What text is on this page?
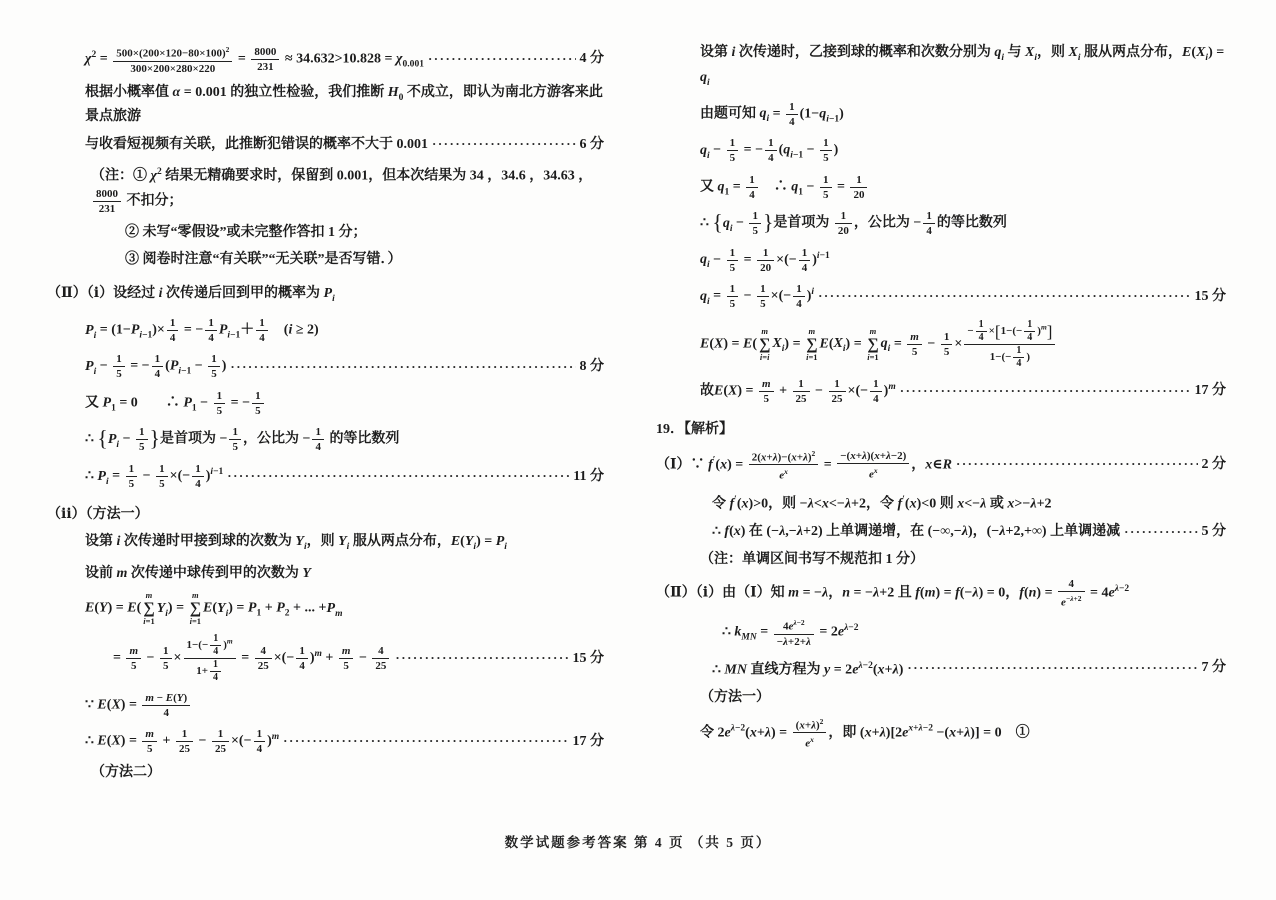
$\chi^2 = \frac{500\times(200\times 120-80\times 100)^2}{300\times 200\times 280\times 220} = \frac{8000}{231} \approx 34.632>10.828 = \chi_{0.001}$ ·····	4 分
根据小概率值 α = 0.001 的独立性检验，我们推断 $H_0$ 不成立，即认为南北方游客来此景点旅游
与收看短视频有关联，此推断犯错误的概率不大于 0.001 ·····	6 分
（注：① $\chi^2$ 结果无精确要求时，保留到 0.001，但本次结果为 34 ，34.6 ，34.63 ，
$\frac{8000}{231}$ 不扣分；
② 未写“零假设”或未完整作答扣 1 分；
③ 阅卷时注意“有关联”“无关联”是否写错．）
（Ⅱ）（ⅰ）设经过 i 次传递后回到甲的概率为 $P_i$
$P_i = (1-P_{i-1})\times \frac{1}{4}$ = − $\frac{1}{4} P_{i-1}+ \frac{1}{4}$ 　(i ≥ 2)
$P_i - \frac{1}{5}$ = − $\frac{1}{4} (P_{i-1} - \frac{1}{5}$ ) ·····	8 分
又 $P_1 = 0$　　∴ $P_1 - \frac{1}{5}$ = − $\frac{1}{5}$
∴ {$P_i - \frac{1}{5}$ }是首项为 − $\frac{1}{5}$ ，公比为 − $\frac{1}{4}$ 的等比数列
∴ $P_i = \frac{1}{5} - \frac{1}{5}$ ×(− $\frac{1}{4} )^{i-1}$ ·····	11 分
（ⅱ）（方法一）
设第 i 次传递时甲接到球的次数为 $Y_i$，则 $Y_i$ 服从两点分布，$E(Y_i) = P_i$
设前 m 次传递中球传到甲的次数为 Y
E(Y) = E(
m
∑
i=1
$Y_i$) =
m
∑
i=1
$E(Y_i) = P_1 + P_2$ + ... $+P_m$
= $\frac{m}{5} - \frac{1}{5} \times \frac{1-(- \frac{1}{4} )^m}{1+ \frac{1}{4}} = \frac{4}{25}$ ×(− $\frac{1}{4} )^m + \frac{m}{5} - \frac{4}{25}$ ·····	15 分
∵ $E(X) = \frac{m - E(Y)}{4}$
∴ $E(X) = \frac{m}{5} + \frac{1}{25} - \frac{1}{25}$ ×(− $\frac{1}{4} )^m$ ·····	17 分
（方法二）
设第 i 次传递时，乙接到球的概率和次数分别为 $q_i$ 与 $X_i$，则 $X_i$ 服从两点分布，$E(X_i) = q_i$
由题可知 $q_i = \frac{1}{4} (1-q_{i-1})$
$q_i - \frac{1}{5}$ = − $\frac{1}{4} (q_{i-1} - \frac{1}{5}$ )
又 $q_1 = \frac{1}{4}$ 　∴ $q_1 - \frac{1}{5} = \frac{1}{20}$
∴ {$q_i - \frac{1}{5}$ }是首项为 $\frac{1}{20}$ ，公比为 − $\frac{1}{4}$ 的等比数列
$q_i - \frac{1}{5} = \frac{1}{20}$ ×(− $\frac{1}{4} )^{i-1}$
$q_i = \frac{1}{5} - \frac{1}{5}$ ×(− $\frac{1}{4} )^i$ ·····	15 分
E(X) = E(
m
∑
i=i
$X_i$) =
m
∑
i=1
$E(X_i)$ =
m
∑
i=1
$q_i = \frac{m}{5} - \frac{1}{5} \times \frac{- \frac{1}{4} \times[1-(- \frac{1}{4} )^m]}{1-(- \frac{1}{4} )}$
故$E(X) = \frac{m}{5} + \frac{1}{25} - \frac{1}{25}$ ×(− $\frac{1}{4} )^m$ ·····	17 分
19．【解析】
（Ⅰ）∵ $f'(x) = \frac{2(x+\lambda)-(x+\lambda)^2}{e^x} = \frac{-(x+\lambda)(x+\lambda-2)}{e^x}$ ，x∈R ·····	2 分
令 f′(x)>0，则 −λ<x<−λ+2，令 f′(x)<0 则 x<−λ 或 x>−λ+2
∴ f(x) 在 (−λ,−λ+2) 上单调递增，在 (−∞,−λ)，(−λ+2,+∞) 上单调递减 ·····	5 分
（注：单调区间书写不规范扣 1 分）
（Ⅱ）（ⅰ）由（Ⅰ）知 m = −λ，n = −λ+2 且 f(m) = f(−λ) = 0，$f(n) = \frac{4}{e^{-\lambda+2}} = 4e^{\lambda-2}$
∴ $k_{MN} = \frac{4e^{\lambda-2}}{-\lambda+2+\lambda} = 2e^{\lambda-2}$
∴ MN 直线方程为 $y = 2e^{\lambda-2}(x+\lambda)$ ·····	7 分
（方法一）
令 $2e^{\lambda-2}(x+\lambda) = \frac{(x+\lambda)^2}{e^x}$ ，即 $(x+\lambda)[2e^{x+\lambda-2} -(x+\lambda)] = 0$　①
数学试题参考答案 第 4 页 （共 5 页）
